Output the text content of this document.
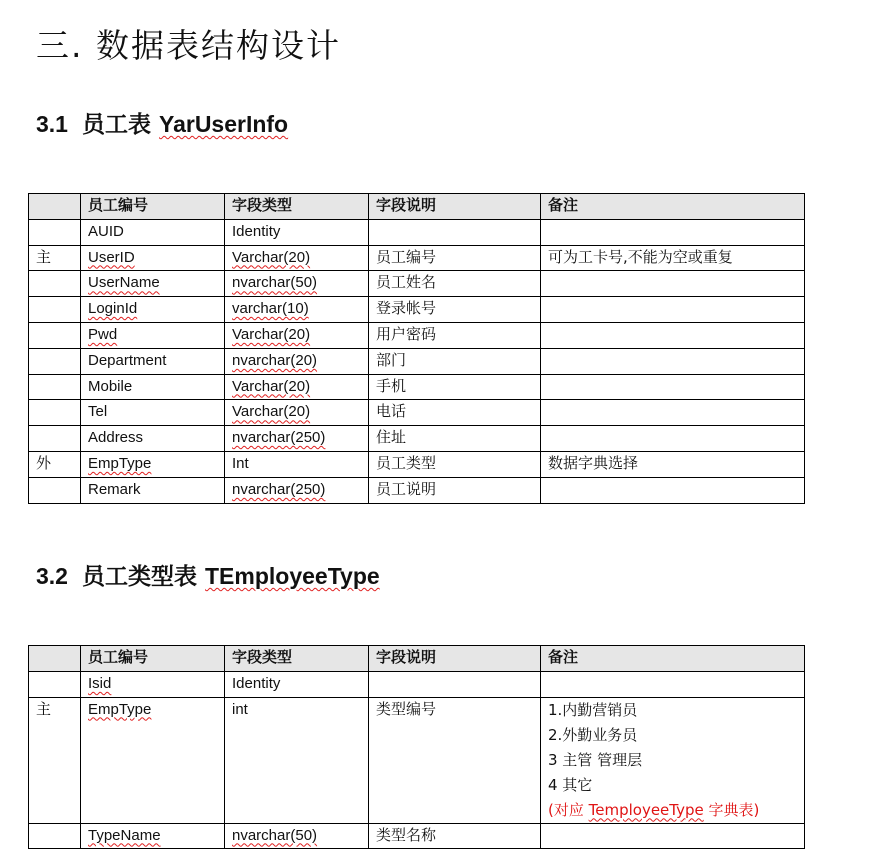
三. 数据表结构设计
3.1 员工表 YarUserInfo
	员工编号	字段类型	字段说明	备注
	AUID	Identity		
主	UserID	Varchar(20)	员工编号	可为工卡号,不能为空或重复
	UserName	nvarchar(50)	员工姓名	
	LoginId	varchar(10)	登录帐号	
	Pwd	Varchar(20)	用户密码	
	Department	nvarchar(20)	部门	
	Mobile	Varchar(20)	手机	
	Tel	Varchar(20)	电话	
	Address	nvarchar(250)	住址	
外	EmpType	Int	员工类型	数据字典选择
	Remark	nvarchar(250)	员工说明	
3.2 员工类型表 TEmployeeType
	员工编号	字段类型	字段说明	备注
	Isid	Identity		
主	EmpType	int	类型编号	1.内勤营销员
2.外勤业务员
3 主管 管理层
4 其它
(对应 TemployeeType 字典表)

	TypeName	nvarchar(50)	类型名称	
